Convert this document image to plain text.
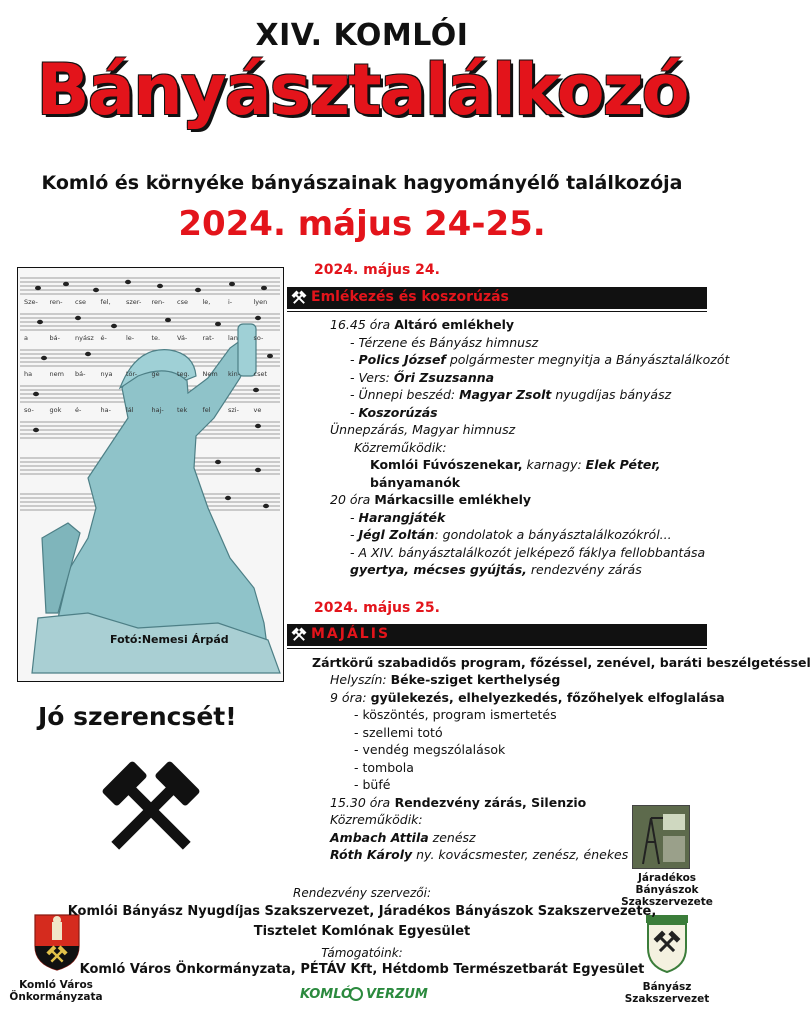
XIV. KOMLÓI
Bányásztalálkozó
Komló és környéke bányászainak hagyományélő találkozója
2024. május 24-25.
Sze- ren- cse fel, szer- ren- cse le,	i-	lyen
a	bá- nyász é-	le-	te.	Vá- rat- lan so-
ha	nem bá- nya tör- ge	teg. Nem kin- cset
so- gok é-	ha- lál	haj- tek fel	szi- ve
Fotó:Nemesi Árpád
Jó szerencsét!
2024. május 24.
Emlékezés és koszorúzás
16.45 óra Altáró emlékhely
- Térzene és Bányász himnusz
- Polics József polgármester megnyitja a Bányásztalálkozót
- Vers: Őri Zsuzsanna
- Ünnepi beszéd: Magyar Zsolt nyugdíjas bányász
- Koszorúzás
Ünnepzárás, Magyar himnusz
Közreműködik:
Komlói Fúvószenekar, karnagy: Elek Péter,
bányamanók
20 óra Márkacsille emlékhely
- Harangjáték
- Jégl Zoltán: gondolatok a bányásztalálkozókról...
- A XIV. bányásztalálkozót jelképező fáklya fellobbantása
gyertya, mécses gyújtás, rendezvény zárás
2024. május 25.
MAJÁLIS
Zártkörű szabadidős program, főzéssel, zenével, baráti beszélgetéssel
Helyszín: Béke-sziget kerthelység
9 óra: gyülekezés, elhelyezkedés, főzőhelyek elfoglalása
- köszöntés, program ismertetés
- szellemi totó
- vendég megszólalások
- tombola
- büfé
15.30 óra Rendezvény zárás, Silenzio
Közreműködik:
Ambach Attila zenész
Róth Károly ny. kovácsmester, zenész, énekes
Járadékos
Bányászok
Szakszervezete
Bányász
Szakszervezet
Komló Város
Önkormányzata
Rendezvény szervezői:
Komlói Bányász Nyugdíjas Szakszervezet, Járadékos Bányászok Szakszervezete,
Tisztelet Komlónak Egyesület
Támogatóink:
Komló Város Önkormányzata, PÉTÁV Kft, Hétdomb Természetbarát Egyesület
KOMLÓ VERZUM
